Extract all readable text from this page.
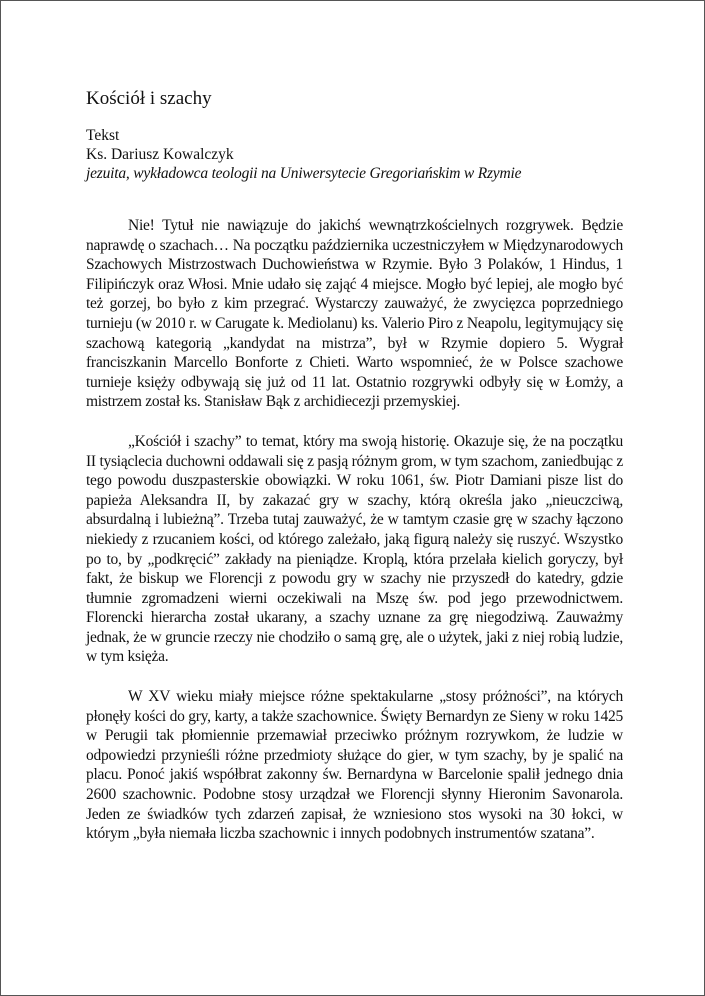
Kościół i szachy

Tekst

Ks. Dariusz Kowalczyk

jezuita, wykładowca teologii na Uniwersytecie Gregoriańskim w Rzymie

Nie! Tytuł nie nawiązuje do jakichś wewnątrzkościelnych rozgrywek. Będzie naprawdę o szachach… Na początku października uczestniczyłem w Międzynarodowych Szachowych Mistrzostwach Duchowieństwa w Rzymie. Było 3 Polaków, 1 Hindus, 1 Filipińczyk oraz Włosi. Mnie udało się zająć 4 miejsce. Mogło być lepiej, ale mogło być też gorzej, bo było z kim przegrać. Wystarczy zauważyć, że zwycięzca poprzedniego turnieju (w 2010 r. w Carugate k. Mediolanu) ks. Valerio Piro z Neapolu, legitymujący się szachową kategorią „kandydat na mistrza”, był w Rzymie dopiero 5. Wygrał franciszkanin Marcello Bonforte z Chieti. Warto wspomnieć, że w Polsce szachowe turnieje księży odbywają się już od 11 lat. Ostatnio rozgrywki odbyły się w Łomży, a mistrzem został ks. Stanisław Bąk z archidiecezji przemyskiej.

„Kościół i szachy” to temat, który ma swoją historię. Okazuje się, że na początku II tysiąclecia duchowni oddawali się z pasją różnym grom, w tym szachom, zaniedbując z tego powodu duszpasterskie obowiązki. W roku 1061, św. Piotr Damiani pisze list do papieża Aleksandra II, by zakazać gry w szachy, którą określa jako „nieuczciwą, absurdalną i lubieżną”. Trzeba tutaj zauważyć, że w tamtym czasie grę w szachy łączono niekiedy z rzucaniem kości, od którego zależało, jaką figurą należy się ruszyć. Wszystko po to, by „podkręcić” zakłady na pieniądze. Kroplą, która przelała kielich goryczy, był fakt, że biskup we Florencji z powodu gry w szachy nie przyszedł do katedry, gdzie tłumnie zgromadzeni wierni oczekiwali na Mszę św. pod jego przewodnictwem. Florencki hierarcha został ukarany, a szachy uznane za grę niegodziwą. Zauważmy jednak, że w gruncie rzeczy nie chodziło o samą grę, ale o użytek, jaki z niej robią ludzie, w tym księża.

W XV wieku miały miejsce różne spektakularne „stosy próżności”, na których płonęły kości do gry, karty, a także szachownice. Święty Bernardyn ze Sieny w roku 1425 w Perugii tak płomiennie przemawiał przeciwko próżnym rozrywkom, że ludzie w odpowiedzi przynieśli różne przedmioty służące do gier, w tym szachy, by je spalić na placu. Ponoć jakiś współbrat zakonny św. Bernardyna w Barcelonie spalił jednego dnia 2600 szachownic. Podobne stosy urządzał we Florencji słynny Hieronim Savonarola. Jeden ze świadków tych zdarzeń zapisał, że wzniesiono stos wysoki na 30 łokci, w którym „była niemała liczba szachownic i innych podobnych instrumentów szatana”.
